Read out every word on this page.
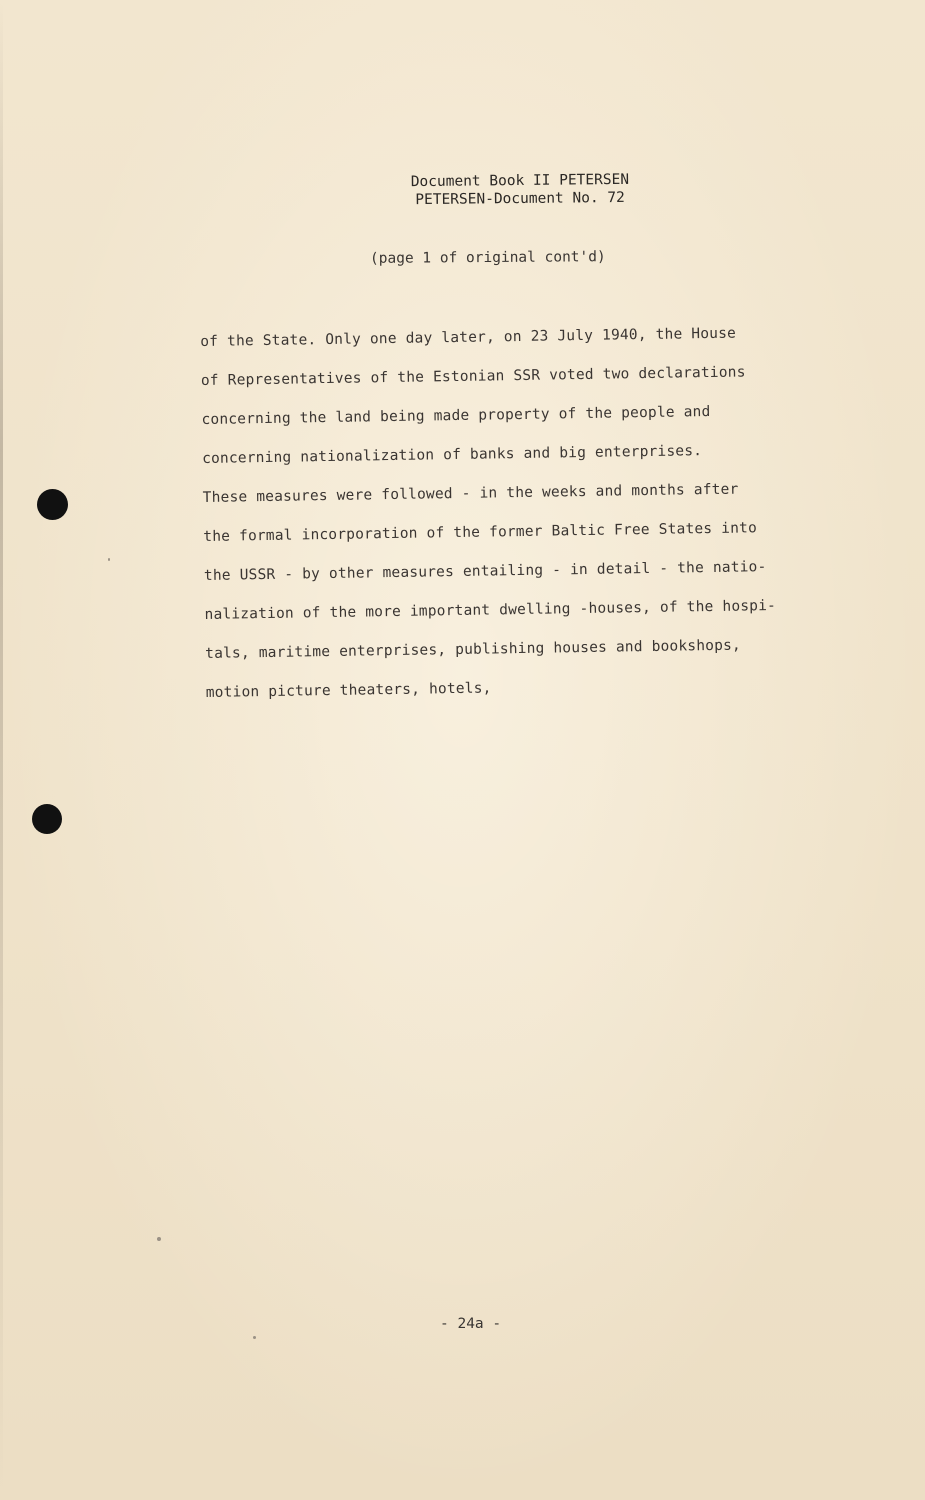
Document Book II PETERSEN
PETERSEN-Document No. 72
(page 1 of original cont'd)
of the State. Only one day later, on 23 July 1940, the House
of Representatives of the Estonian SSR voted two declarations
concerning the land being made property of the people and
concerning nationalization of banks and big enterprises.
These measures were followed - in the weeks and months after
the formal incorporation of the former Baltic Free States into
the USSR - by other measures entailing - in detail - the natio-
nalization of the more important dwelling -houses, of the hospi-
tals, maritime enterprises, publishing houses and bookshops,
motion picture theaters, hotels,
- 24a -
